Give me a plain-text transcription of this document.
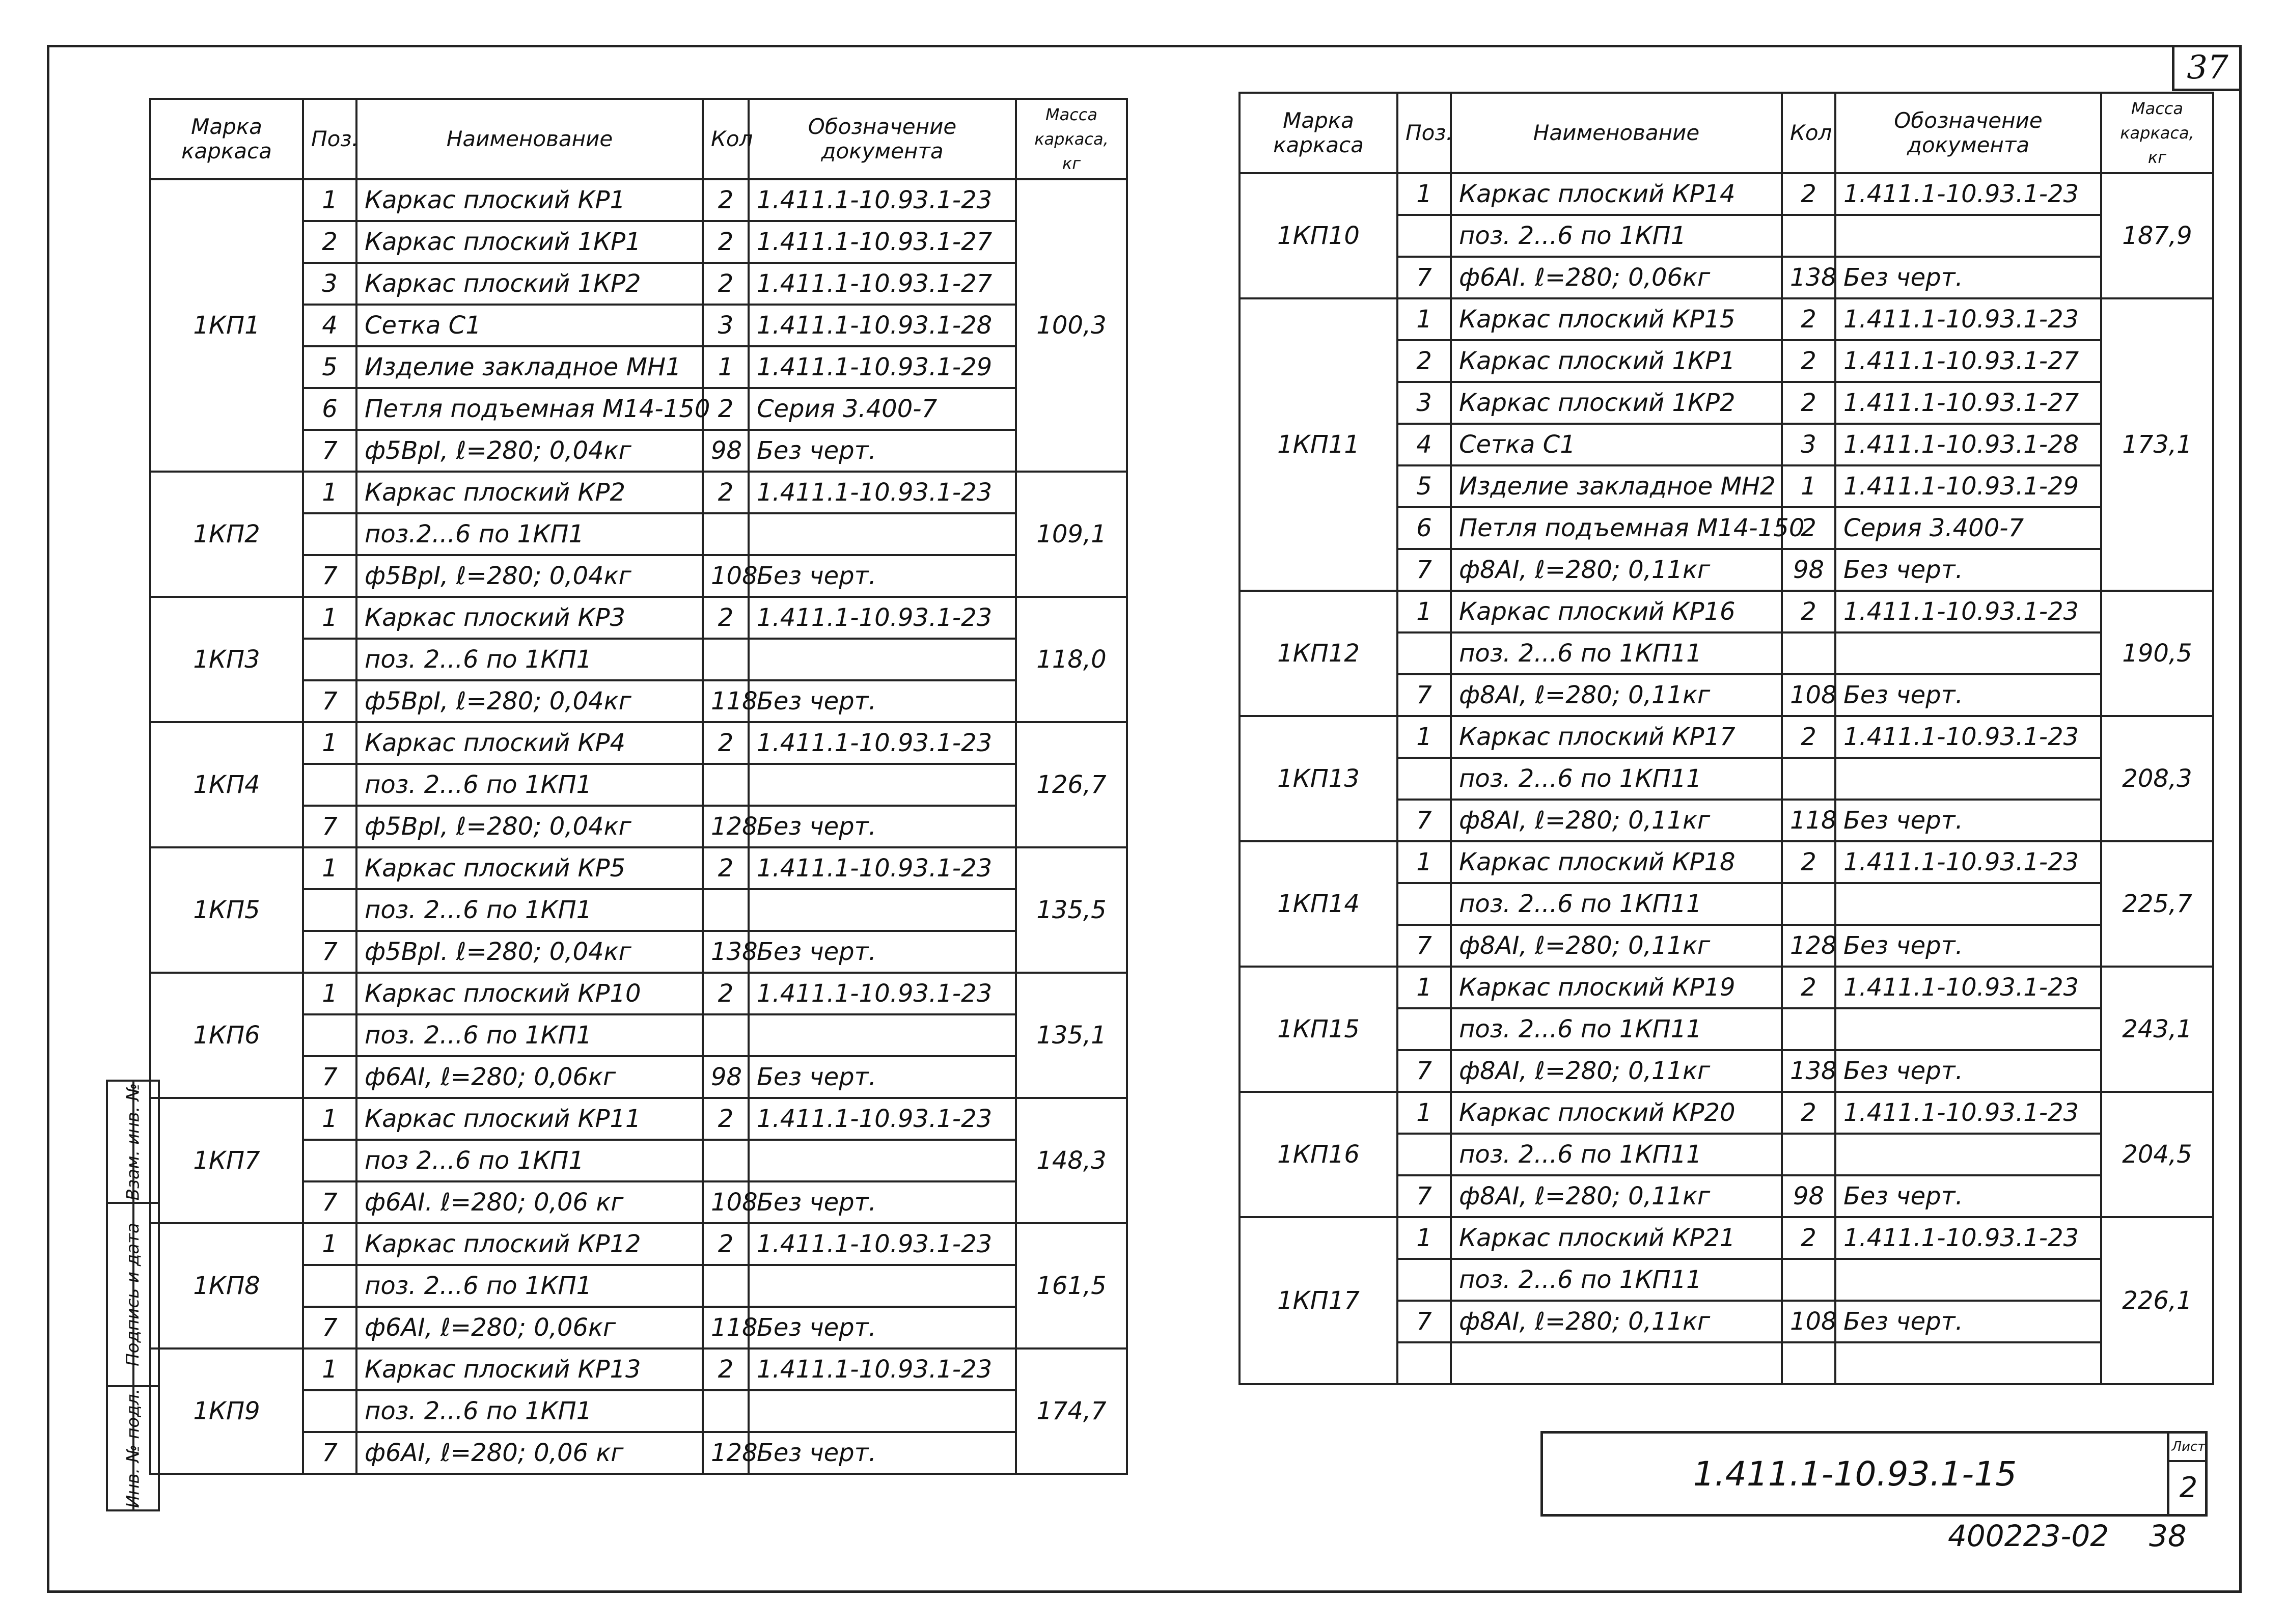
37
Марка каркаса	Поз.	Наименование	Кол	Обозначение документа	Масса каркаса, кг
1КП1	1	Каркас плоский КР1	2	1.411.1-10.93.1-23	100,3
	2	Каркас плоский 1КР1	2	1.411.1-10.93.1-27	
	3	Каркас плоский 1КР2	2	1.411.1-10.93.1-27	
	4	Сетка С1	3	1.411.1-10.93.1-28	
	5	Изделие закладное МН1	1	1.411.1-10.93.1-29	
	6	Петля подъемная М14-150	2	Серия 3.400-7	
	7	ф5ВрI, ℓ=280; 0,04кг	98	Без черт.	
1КП2	1	Каркас плоский КР2	2	1.411.1-10.93.1-23	109,1
		поз.2...6 по 1КП1			
	7	ф5ВрI, ℓ=280; 0,04кг	108	Без черт.	
1КП3	1	Каркас плоский КР3	2	1.411.1-10.93.1-23	118,0
		поз. 2...6 по 1КП1			
	7	ф5ВрI, ℓ=280; 0,04кг	118	Без черт.	
1КП4	1	Каркас плоский КР4	2	1.411.1-10.93.1-23	126,7
		поз. 2...6 по 1КП1			
	7	ф5ВрI, ℓ=280; 0,04кг	128	Без черт.	
1КП5	1	Каркас плоский КР5	2	1.411.1-10.93.1-23	135,5
		поз. 2...6 по 1КП1			
	7	ф5ВрI. ℓ=280; 0,04кг	138	Без черт.	
1КП6	1	Каркас плоский КР10	2	1.411.1-10.93.1-23	135,1
		поз. 2...6 по 1КП1			
	7	ф6АI, ℓ=280; 0,06кг	98	Без черт.	
1КП7	1	Каркас плоский КР11	2	1.411.1-10.93.1-23	148,3
		поз 2...6 по 1КП1			
	7	ф6АI. ℓ=280; 0,06 кг	108	Без черт.	
1КП8	1	Каркас плоский КР12	2	1.411.1-10.93.1-23	161,5
		поз. 2...6 по 1КП1			
	7	ф6АI, ℓ=280; 0,06кг	118	Без черт.	
1КП9	1	Каркас плоский КР13	2	1.411.1-10.93.1-23	174,7
		поз. 2...6 по 1КП1			
	7	ф6АI, ℓ=280; 0,06 кг	128	Без черт.	
Марка каркаса	Поз.	Наименование	Кол	Обозначение документа	Масса каркаса, кг
1КП10	1	Каркас плоский КР14	2	1.411.1-10.93.1-23	187,9
		поз. 2...6 по 1КП1			
	7	ф6АI. ℓ=280; 0,06кг	138	Без черт.	
1КП11	1	Каркас плоский КР15	2	1.411.1-10.93.1-23	173,1
	2	Каркас плоский 1КР1	2	1.411.1-10.93.1-27	
	3	Каркас плоский 1КР2	2	1.411.1-10.93.1-27	
	4	Сетка С1	3	1.411.1-10.93.1-28	
	5	Изделие закладное МН2	1	1.411.1-10.93.1-29	
	6	Петля подъемная М14-150	2	Серия 3.400-7	
	7	ф8АI, ℓ=280; 0,11кг	98	Без черт.	
1КП12	1	Каркас плоский КР16	2	1.411.1-10.93.1-23	190,5
		поз. 2...6 по 1КП11			
	7	ф8АI, ℓ=280; 0,11кг	108	Без черт.	
1КП13	1	Каркас плоский КР17	2	1.411.1-10.93.1-23	208,3
		поз. 2...6 по 1КП11			
	7	ф8АI, ℓ=280; 0,11кг	118	Без черт.	
1КП14	1	Каркас плоский КР18	2	1.411.1-10.93.1-23	225,7
		поз. 2...6 по 1КП11			
	7	ф8АI, ℓ=280; 0,11кг	128	Без черт.	
1КП15	1	Каркас плоский КР19	2	1.411.1-10.93.1-23	243,1
		поз. 2...6 по 1КП11			
	7	ф8АI, ℓ=280; 0,11кг	138	Без черт.	
1КП16	1	Каркас плоский КР20	2	1.411.1-10.93.1-23	204,5
		поз. 2...6 по 1КП11			
	7	ф8АI, ℓ=280; 0,11кг	98	Без черт.	
1КП17	1	Каркас плоский КР21	2	1.411.1-10.93.1-23	226,1
		поз. 2...6 по 1КП11			
	7	ф8АI, ℓ=280; 0,11кг	108	Без черт.	

Взам. инв. №
Подпись и дата
Инв. № подл.	1.411.1-10.93.1-15
Лист
2
400223-02 38
